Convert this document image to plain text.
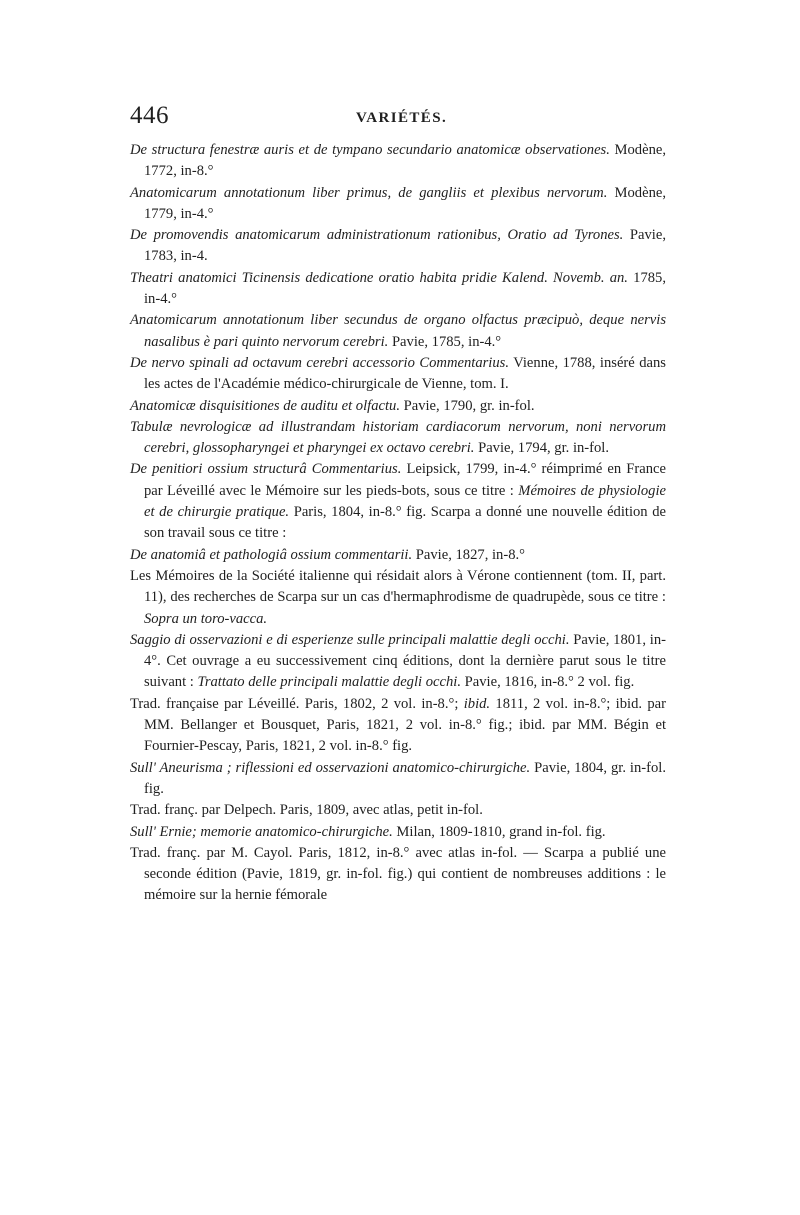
446	VARIÉTÉS.

De structura fenestræ auris et de tympano secundario anatomicæ observationes. Modène, 1772, in-8.°

Anatomicarum annotationum liber primus, de gangliis et plexibus nervorum. Modène, 1779, in-4.°

De promovendis anatomicarum administrationum rationibus, Oratio ad Tyrones. Pavie, 1783, in-4.

Theatri anatomici Ticinensis dedicatione oratio habita pridie Kalend. Novemb. an. 1785, in-4.°

Anatomicarum annotationum liber secundus de organo olfactus præcipuò, deque nervis nasalibus è pari quinto nervorum cerebri. Pavie, 1785, in-4.°

De nervo spinali ad octavum cerebri accessorio Commentarius. Vienne, 1788, inséré dans les actes de l'Académie médico-chirurgicale de Vienne, tom. I.

Anatomicæ disquisitiones de auditu et olfactu. Pavie, 1790, gr. in-fol.

Tabulæ nevrologicæ ad illustrandam historiam cardiacorum nervorum, noni nervorum cerebri, glossopharyngei et pharyngei ex octavo cerebri. Pavie, 1794, gr. in-fol.

De penitiori ossium structurâ Commentarius. Leipsick, 1799, in-4.° réimprimé en France par Léveillé avec le Mémoire sur les pieds-bots, sous ce titre : Mémoires de physiologie et de chirurgie pratique. Paris, 1804, in-8.° fig. Scarpa a donné une nouvelle édition de son travail sous ce titre :

De anatomiâ et pathologiâ ossium commentarii. Pavie, 1827, in-8.°

Les Mémoires de la Société italienne qui résidait alors à Vérone contiennent (tom. II, part. 11), des recherches de Scarpa sur un cas d'hermaphrodisme de quadrupède, sous ce titre : Sopra un toro-vacca.

Saggio di osservazioni e di esperienze sulle principali malattie degli occhi. Pavie, 1801, in-4°. Cet ouvrage a eu successivement cinq éditions, dont la dernière parut sous le titre suivant : Trattato delle principali malattie degli occhi. Pavie, 1816, in-8.° 2 vol. fig.

Trad. française par Léveillé. Paris, 1802, 2 vol. in-8.°; ibid. 1811, 2 vol. in-8.°; ibid. par MM. Bellanger et Bousquet, Paris, 1821, 2 vol. in-8.° fig.; ibid. par MM. Bégin et Fournier-Pescay, Paris, 1821, 2 vol. in-8.° fig.

Sull' Aneurisma ; riflessioni ed osservazioni anatomico-chirurgiche. Pavie, 1804, gr. in-fol. fig.

Trad. franç. par Delpech. Paris, 1809, avec atlas, petit in-fol.

Sull' Ernie; memorie anatomico-chirurgiche. Milan, 1809-1810, grand in-fol. fig.

Trad. franç. par M. Cayol. Paris, 1812, in-8.° avec atlas in-fol. — Scarpa a publié une seconde édition (Pavie, 1819, gr. in-fol. fig.) qui contient de nombreuses additions : le mémoire sur la hernie fémorale
